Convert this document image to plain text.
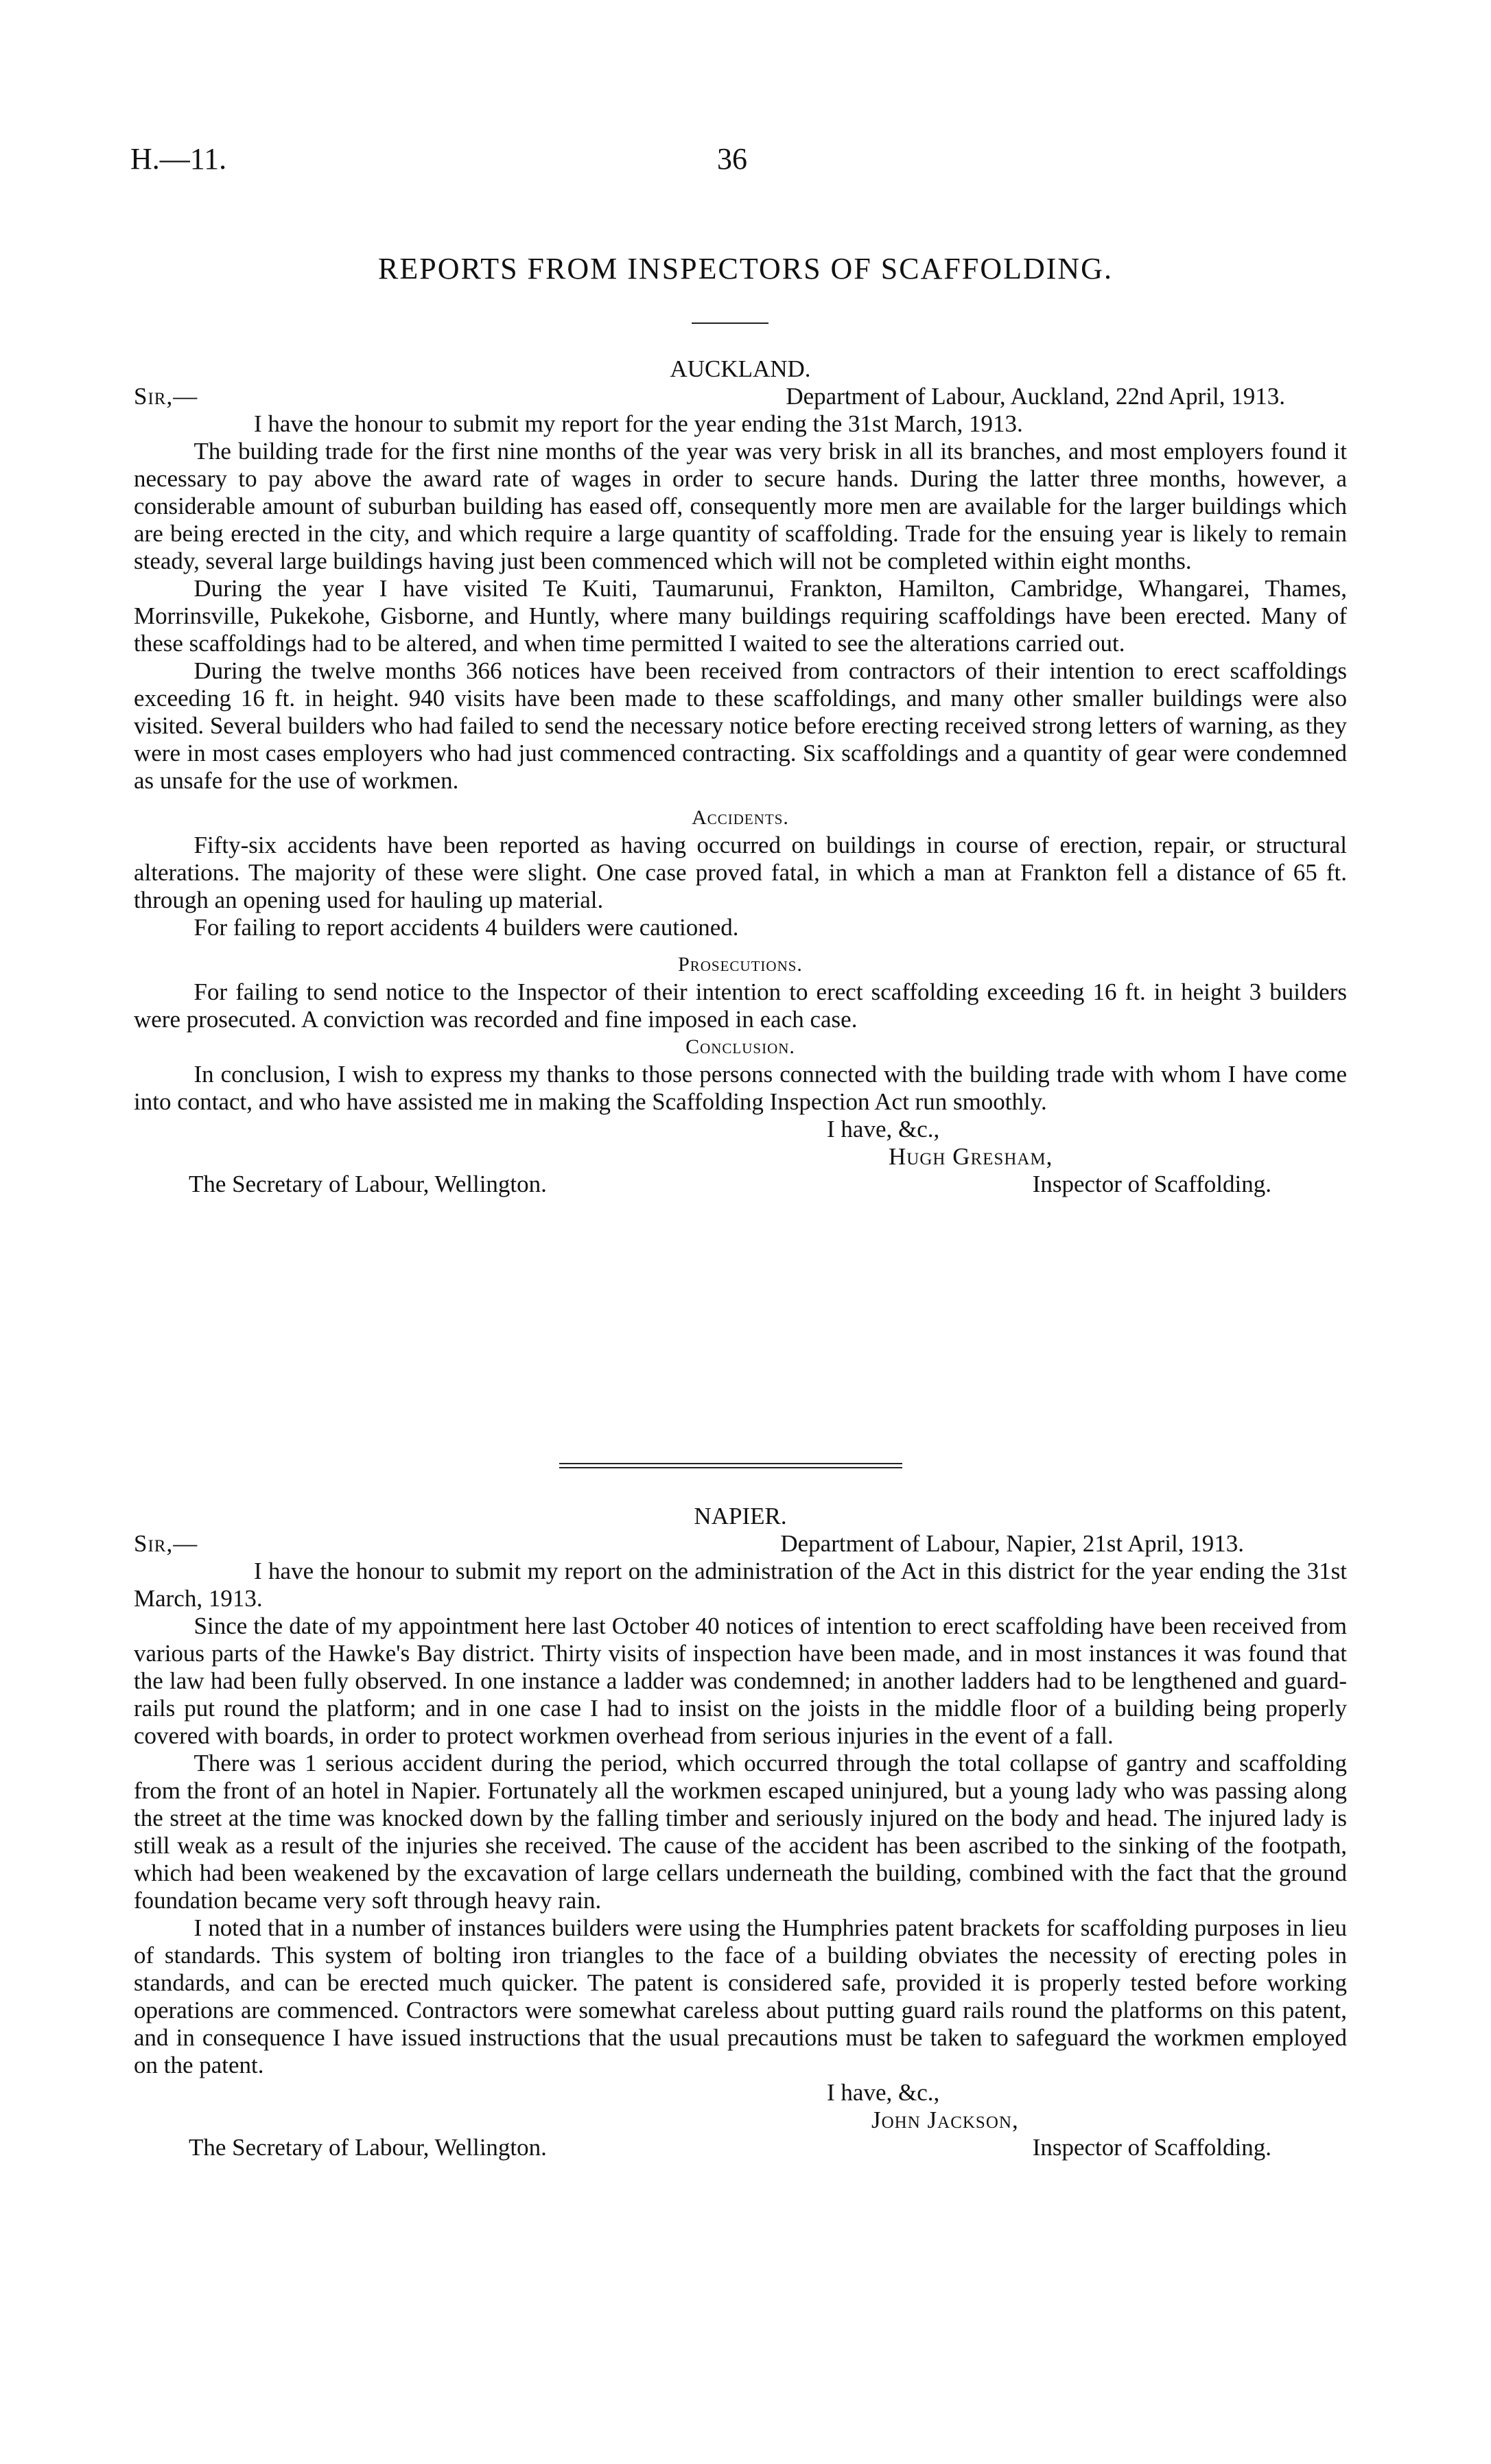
H.—11.	36
REPORTS FROM INSPECTORS OF SCAFFOLDING.
AUCKLAND.
Sir,—	Department of Labour, Auckland, 22nd April, 1913.

I have the honour to submit my report for the year ending the 31st March, 1913.

The building trade for the first nine months of the year was very brisk in all its branches, and most employers found it necessary to pay above the award rate of wages in order to secure hands. During the latter three months, however, a considerable amount of suburban building has eased off, consequently more men are available for the larger buildings which are being erected in the city, and which require a large quantity of scaffolding. Trade for the ensuing year is likely to remain steady, several large buildings having just been commenced which will not be completed within eight months.

During the year I have visited Te Kuiti, Taumarunui, Frankton, Hamilton, Cambridge, Whangarei, Thames, Morrinsville, Pukekohe, Gisborne, and Huntly, where many buildings requiring scaffoldings have been erected. Many of these scaffoldings had to be altered, and when time permitted I waited to see the alterations carried out.

During the twelve months 366 notices have been received from contractors of their intention to erect scaffoldings exceeding 16 ft. in height. 940 visits have been made to these scaffoldings, and many other smaller buildings were also visited. Several builders who had failed to send the necessary notice before erecting received strong letters of warning, as they were in most cases employers who had just commenced contracting. Six scaffoldings and a quantity of gear were condemned as unsafe for the use of workmen.

Accidents.

Fifty-six accidents have been reported as having occurred on buildings in course of erection, repair, or structural alterations. The majority of these were slight. One case proved fatal, in which a man at Frankton fell a distance of 65 ft. through an opening used for hauling up material.

For failing to report accidents 4 builders were cautioned.

Prosecutions.

For failing to send notice to the Inspector of their intention to erect scaffolding exceeding 16 ft. in height 3 builders were prosecuted. A conviction was recorded and fine imposed in each case.

Conclusion.

In conclusion, I wish to express my thanks to those persons connected with the building trade with whom I have come into contact, and who have assisted me in making the Scaffolding Inspection Act run smoothly.

I have, &c.,
Hugh Gresham,
The Secretary of Labour, Wellington.	Inspector of Scaffolding.
NAPIER.
Sir,—	Department of Labour, Napier, 21st April, 1913.

I have the honour to submit my report on the administration of the Act in this district for the year ending the 31st March, 1913.

Since the date of my appointment here last October 40 notices of intention to erect scaffolding have been received from various parts of the Hawke's Bay district. Thirty visits of inspection have been made, and in most instances it was found that the law had been fully observed. In one instance a ladder was condemned; in another ladders had to be lengthened and guard-rails put round the platform; and in one case I had to insist on the joists in the middle floor of a building being properly covered with boards, in order to protect workmen overhead from serious injuries in the event of a fall.

There was 1 serious accident during the period, which occurred through the total collapse of gantry and scaffolding from the front of an hotel in Napier. Fortunately all the workmen escaped uninjured, but a young lady who was passing along the street at the time was knocked down by the falling timber and seriously injured on the body and head. The injured lady is still weak as a result of the injuries she received. The cause of the accident has been ascribed to the sinking of the footpath, which had been weakened by the excavation of large cellars underneath the building, combined with the fact that the ground foundation became very soft through heavy rain.

I noted that in a number of instances builders were using the Humphries patent brackets for scaffolding purposes in lieu of standards. This system of bolting iron triangles to the face of a building obviates the necessity of erecting poles in standards, and can be erected much quicker. The patent is considered safe, provided it is properly tested before working operations are commenced. Contractors were somewhat careless about putting guard rails round the platforms on this patent, and in consequence I have issued instructions that the usual precautions must be taken to safeguard the workmen employed on the patent.

I have, &c.,
John Jackson,
The Secretary of Labour, Wellington.	Inspector of Scaffolding.
